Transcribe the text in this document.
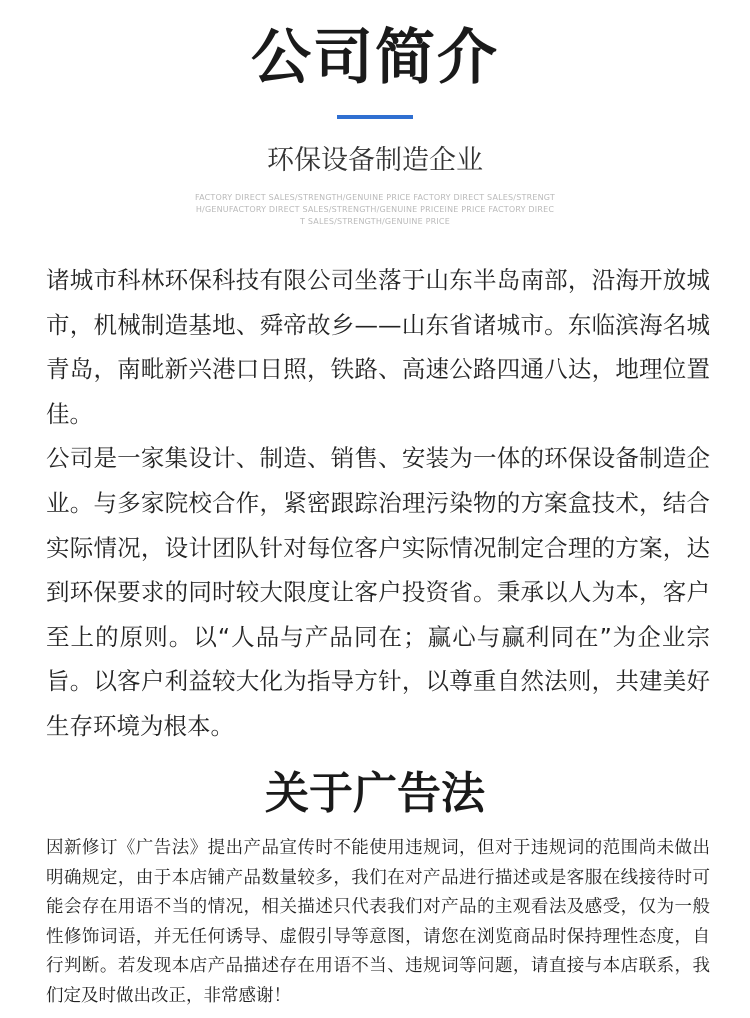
公司简介
环保设备制造企业
FACTORY DIRECT SALES/STRENGTH/GENUINE PRICE FACTORY DIRECT SALES/STRENGTH/GENUFACTORY DIRECT SALES/STRENGTH/GENUINE PRICEINE PRICE FACTORY DIRECT SALES/STRENGTH/GENUINE PRICE

诸城市科林环保科技有限公司坐落于山东半岛南部，沿海开放城市，机械制造基地、舜帝故乡——山东省诸城市。东临滨海名城青岛，南毗新兴港口日照，铁路、高速公路四通八达，地理位置佳。

公司是一家集设计、制造、销售、安装为一体的环保设备制造企业。与多家院校合作，紧密跟踪治理污染物的方案盒技术，结合实际情况，设计团队针对每位客户实际情况制定合理的方案，达到环保要求的同时较大限度让客户投资省。秉承以人为本，客户至上的原则。以“人品与产品同在；赢心与赢利同在”为企业宗旨。以客户利益较大化为指导方针，以尊重自然法则，共建美好生存环境为根本。

关于广告法

因新修订《广告法》提出产品宣传时不能使用违规词，但对于违规词的范围尚未做出明确规定，由于本店铺产品数量较多，我们在对产品进行描述或是客服在线接待时可能会存在用语不当的情况，相关描述只代表我们对产品的主观看法及感受，仅为一般性修饰词语，并无任何诱导、虚假引导等意图，请您在浏览商品时保持理性态度，自行判断。若发现本店产品描述存在用语不当、违规词等问题，请直接与本店联系，我们定及时做出改正，非常感谢！
